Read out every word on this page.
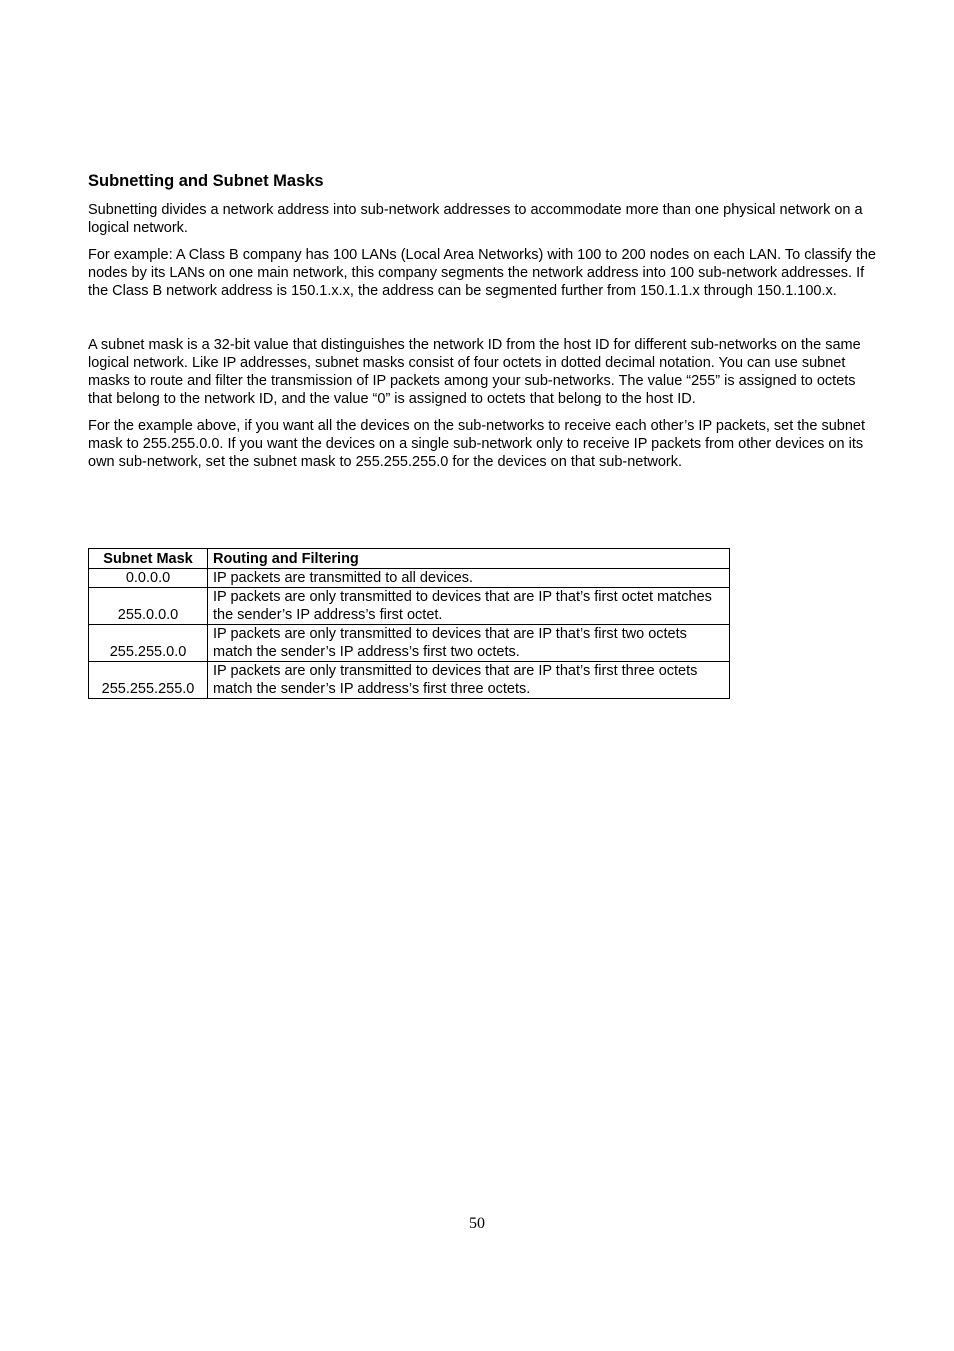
Subnetting and Subnet Masks

Subnetting divides a network address into sub-network addresses to accommodate more than one physical network on a logical network.

For example: A Class B company has 100 LANs (Local Area Networks) with 100 to 200 nodes on each LAN. To classify the nodes by its LANs on one main network, this company segments the network address into 100 sub-network addresses. If the Class B network address is 150.1.x.x, the address can be segmented further from 150.1.1.x through 150.1.100.x.

A subnet mask is a 32-bit value that distinguishes the network ID from the host ID for different sub-networks on the same logical network. Like IP addresses, subnet masks consist of four octets in dotted decimal notation. You can use subnet masks to route and filter the transmission of IP packets among your sub-networks. The value “255” is assigned to octets that belong to the network ID, and the value “0” is assigned to octets that belong to the host ID.

For the example above, if you want all the devices on the sub-networks to receive each other’s IP packets, set the subnet mask to 255.255.0.0. If you want the devices on a single sub-network only to receive IP packets from other devices on its own sub-network, set the subnet mask to 255.255.255.0 for the devices on that sub-network.

Subnet Mask	Routing and Filtering
0.0.0.0	IP packets are transmitted to all devices.
255.0.0.0	IP packets are only transmitted to devices that are IP that’s first octet matches the sender’s IP address’s first octet.
255.255.0.0	IP packets are only transmitted to devices that are IP that’s first two octets match the sender’s IP address’s first two octets.
255.255.255.0	IP packets are only transmitted to devices that are IP that’s first three octets match the sender’s IP address’s first three octets.
50
